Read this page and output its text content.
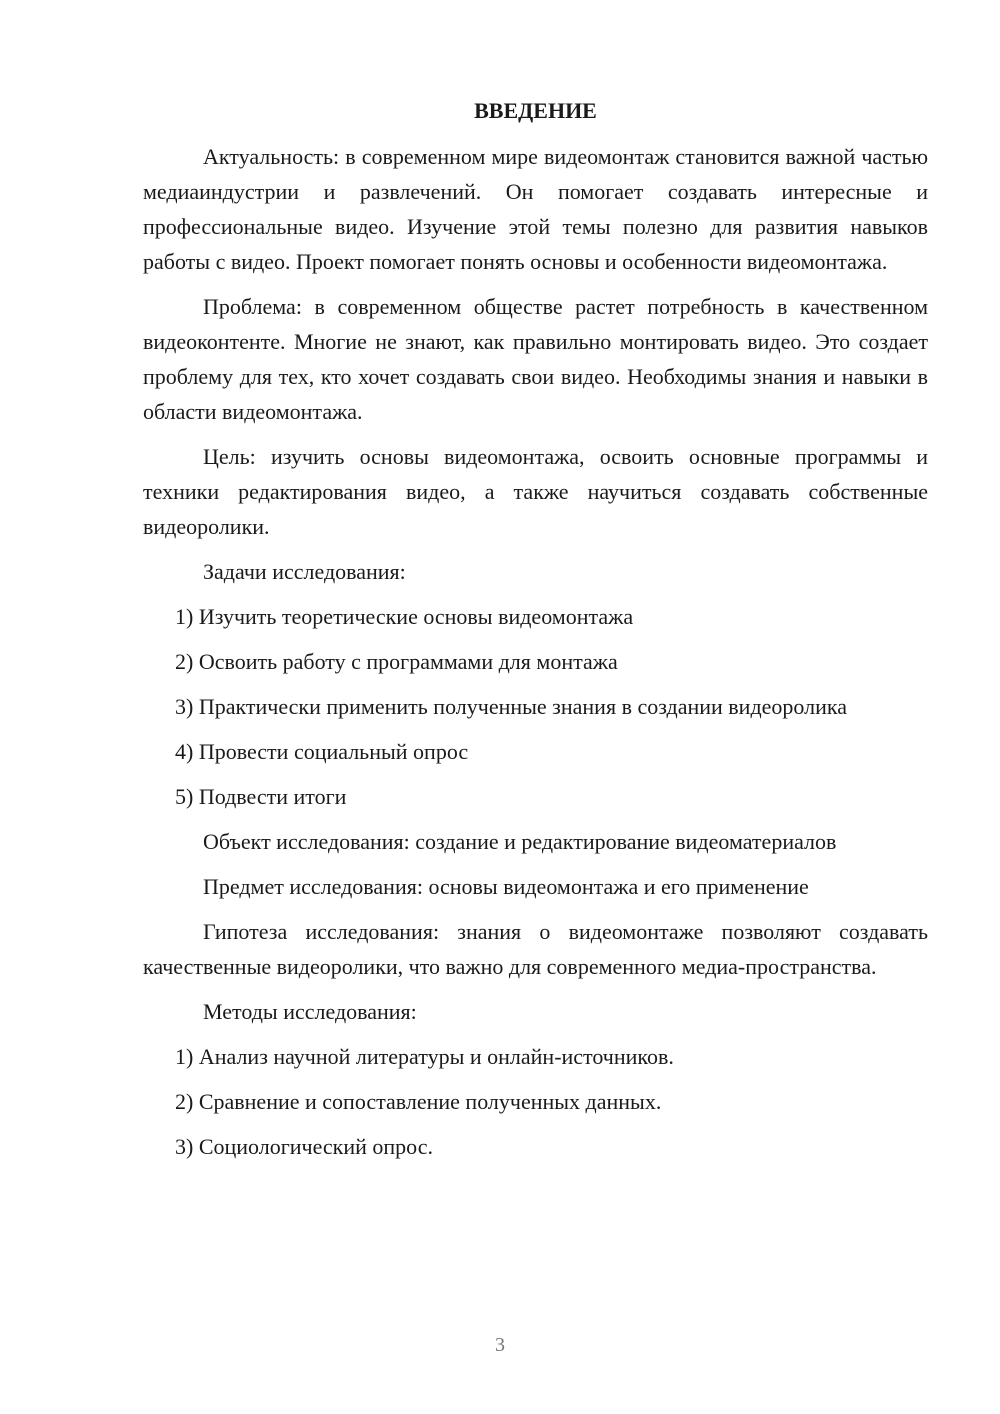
ВВЕДЕНИЕ

Актуальность: в современном мире видеомонтаж становится важной частью медиаиндустрии и развлечений. Он помогает создавать интересные и профессиональные видео. Изучение этой темы полезно для развития навыков работы с видео. Проект помогает понять основы и особенности видеомонтажа.

Проблема: в современном обществе растет потребность в качественном видеоконтенте. Многие не знают, как правильно монтировать видео. Это создает проблему для тех, кто хочет создавать свои видео. Необходимы знания и навыки в области видеомонтажа.

Цель: изучить основы видеомонтажа, освоить основные программы и техники редактирования видео, а также научиться создавать собственные видеоролики.

Задачи исследования:

1) Изучить теоретические основы видеомонтажа

2) Освоить работу с программами для монтажа

3) Практически применить полученные знания в создании видеоролика

4) Провести социальный опрос

5) Подвести итоги

Объект исследования: создание и редактирование видеоматериалов

Предмет исследования: основы видеомонтажа и его применение

Гипотеза исследования: знания о видеомонтаже позволяют создавать качественные видеоролики, что важно для современного медиа-пространства.

Методы исследования:

1) Анализ научной литературы и онлайн-источников.

2) Сравнение и сопоставление полученных данных.

3) Социологический опрос.

3
